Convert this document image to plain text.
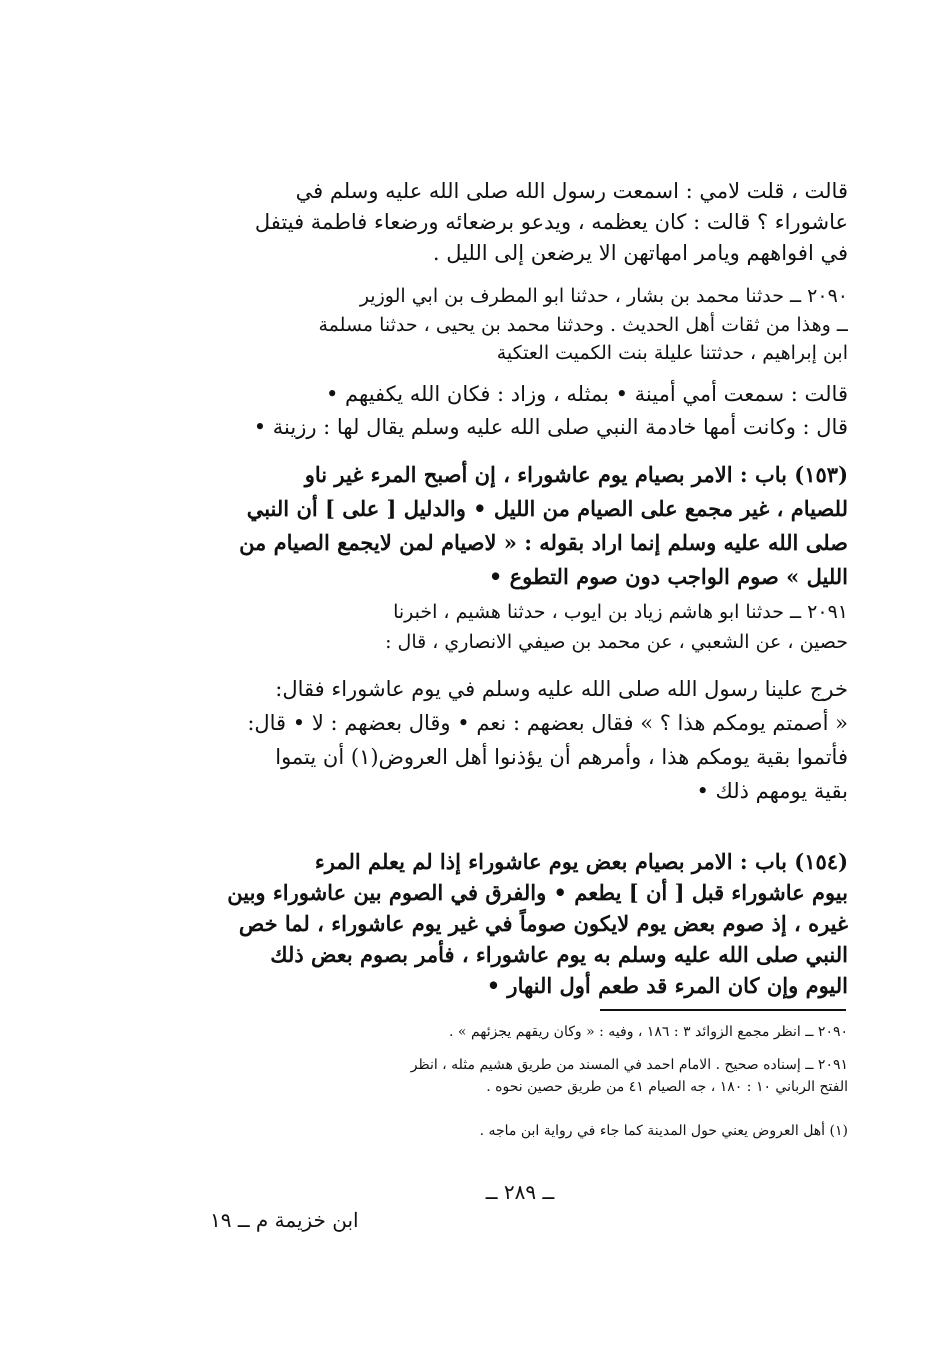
قالت ، قلت لامي : اسمعت رسول الله صلى الله عليه وسلم في
عاشوراء ؟ قالت : كان يعظمه ، ويدعو برضعائه ورضعاء فاطمة فيتفل
في افواههم ويامر امهاتهن الا يرضعن إلى الليل .
٢٠٩٠ ــ حدثنا محمد بن بشار ، حدثنا ابو المطرف بن ابي الوزير
ــ وهذا من ثقات أهل الحديث . وحدثنا محمد بن يحيى ، حدثنا مسلمة
ابن إبراهيم ، حدثتنا عليلة بنت الكميت العتكية
قالت : سمعت أمي أمينة • بمثله ، وزاد : فكان الله يكفيهم •
قال : وكانت أمها خادمة النبي صلى الله عليه وسلم يقال لها : رزينة •
(١٥٣) باب : الامر بصيام يوم عاشوراء ، إن أصبح المرء غير ناو
للصيام ، غير مجمع على الصيام من الليل • والدليل [ على ] أن النبي
صلى الله عليه وسلم إنما اراد بقوله : « لاصيام لمن لايجمع الصيام من
الليل » صوم الواجب دون صوم التطوع •
٢٠٩١ ــ حدثنا ابو هاشم زياد بن ايوب ، حدثنا هشيم ، اخبرنا
حصين ، عن الشعبي ، عن محمد بن صيفي الانصاري ، قال :
خرج علينا رسول الله صلى الله عليه وسلم في يوم عاشوراء فقال:
« أصمتم يومكم هذا ؟ » فقال بعضهم : نعم • وقال بعضهم : لا • قال:
فأتموا بقية يومكم هذا ، وأمرهم أن يؤذنوا أهل العروض(١) أن يتموا
بقية يومهم ذلك •
(١٥٤) باب : الامر بصيام بعض يوم عاشوراء إذا لم يعلم المرء
بيوم عاشوراء قبل [ أن ] يطعم • والفرق في الصوم بين عاشوراء وبين
غيره ، إذ صوم بعض يوم لايكون صوماً في غير يوم عاشوراء ، لما خص
النبي صلى الله عليه وسلم به يوم عاشوراء ، فأمر بصوم بعض ذلك
اليوم وإن كان المرء قد طعم أول النهار •
٢٠٩٠ ــ انظر مجمع الزوائد ٣ : ١٨٦ ، وفيه : « وكان ريقهم يجزئهم » .
٢٠٩١ ــ إسناده صحيح . الامام احمد في المسند من طريق هشيم مثله ، انظر
الفتح الرباني ١٠ : ١٨٠ ، جه الصيام ٤١ من طريق حصين نحوه .
(١) أهل العروض يعني حول المدينة كما جاء في رواية ابن ماجه .
ــ ٢٨٩ ــ
ابن خزيمة م ــ ١٩
